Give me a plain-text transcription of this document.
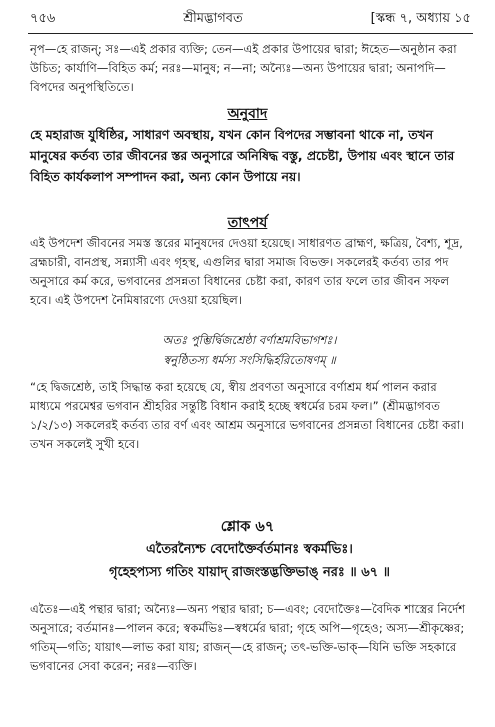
৭৫৬	শ্রীমদ্ভাগবত	[স্কন্ধ ৭, অধ্যায় ১৫
নৃপ—হে রাজন্‌; সঃ—এই প্রকার ব্যক্তি; তেন—এই প্রকার উপায়ের দ্বারা; ঈহেত—অনুষ্ঠান করা উচিত; কার্যাণি—বিহিত কর্ম; নরঃ—মানুষ; ন—না; অন্যৈঃ—অন্য উপায়ের দ্বারা; অনাপদি—বিপদের অনুপস্থিতিতে।
অনুবাদ
হে মহারাজ যুধিষ্ঠির, সাধারণ অবস্থায়, যখন কোন বিপদের সম্ভাবনা থাকে না, তখন মানুষের কর্তব্য তার জীবনের স্তর অনুসারে অনিষিদ্ধ বস্তু, প্রচেষ্টা, উপায় এবং স্থানে তার বিহিত কার্যকলাপ সম্পাদন করা, অন্য কোন উপায়ে নয়।
তাৎপর্য
এই উপদেশ জীবনের সমস্ত স্তরের মানুষদের দেওয়া হয়েছে। সাধারণত ব্রাহ্মণ, ক্ষত্রিয়, বৈশ্য, শূদ্র, ব্রহ্মচারী, বানপ্রস্থ, সন্ন্যাসী এবং গৃহস্থ, এগুলির দ্বারা সমাজ বিভক্ত। সকলেরই কর্তব্য তার পদ অনুসারে কর্ম করে, ভগবানের প্রসন্নতা বিধানের চেষ্টা করা, কারণ তার ফলে তার জীবন সফল হবে। এই উপদেশ নৈমিষারণ্যে দেওয়া হয়েছিল।
অতঃ পুম্ভির্দ্বিজশ্রেষ্ঠা বর্ণাশ্রমবিভাগশঃ।
স্বনুষ্ঠিতস্য ধর্মস্য সংসিদ্ধির্হরিতোষণম্‌ ॥
“হে দ্বিজশ্রেষ্ঠ, তাই সিদ্ধান্ত করা হয়েছে যে, স্বীয় প্রবণতা অনুসারে বর্ণাশ্রম ধর্ম পালন করার মাধ্যমে পরমেশ্বর ভগবান শ্রীহরির সন্তুষ্টি বিধান করাই হচ্ছে স্বধর্মের চরম ফল।” (শ্রীমদ্ভাগবত ১/২/১৩) সকলেরই কর্তব্য তার বর্ণ এবং আশ্রম অনুসারে ভগবানের প্রসন্নতা বিধানের চেষ্টা করা। তখন সকলেই সুখী হবে।
শ্লোক ৬৭
এতৈরন্যৈশ্চ বেদোক্তৈর্বর্তমানঃ স্বকর্মভিঃ।
গৃহেহপ্যস্য গতিং যায়াদ্‌ রাজংস্তদ্ভক্তিভাঙ্‌ নরঃ ॥ ৬৭ ॥
এতৈঃ—এই পন্থার দ্বারা; অন্যৈঃ—অন্য পন্থার দ্বারা; চ—এবং; বেদোক্তৈঃ—বৈদিক শাস্ত্রের নির্দেশ অনুসারে; বর্তমানঃ—পালন করে; স্বকর্মভিঃ—স্বধর্মের দ্বারা; গৃহে অপি—গৃহেও; অস্য—শ্রীকৃষ্ণের; গতিম্‌—গতি; যায়াৎ—লাভ করা যায়; রাজন্‌—হে রাজন্‌; তৎ-ভক্তি-ভাক্‌—যিনি ভক্তি সহকারে ভগবানের সেবা করেন; নরঃ—ব্যক্তি।
